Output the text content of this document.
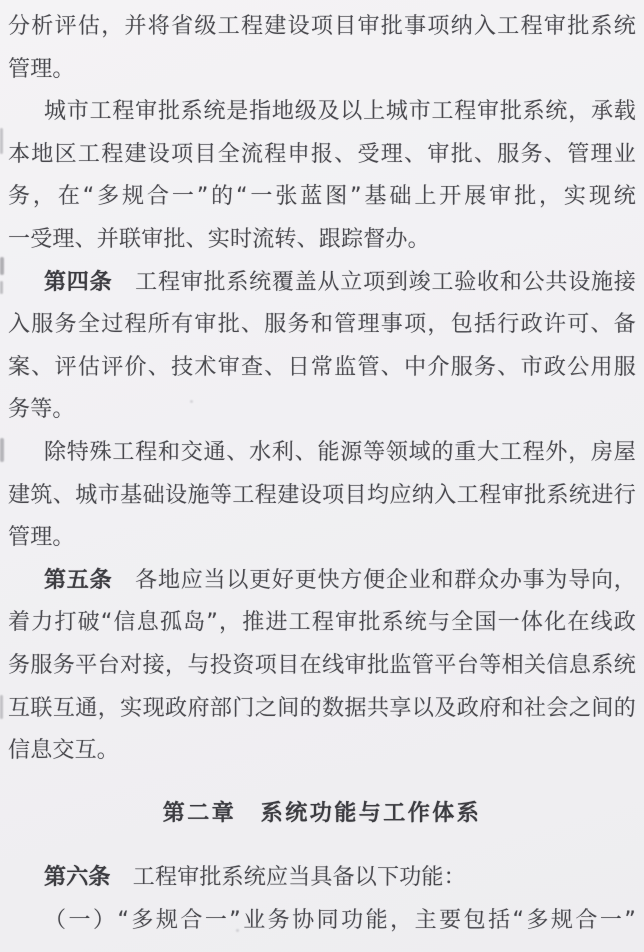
分析评估，并将省级工程建设项目审批事项纳入工程审批系统
管理。
城市工程审批系统是指地级及以上城市工程审批系统，承载
本地区工程建设项目全流程申报、受理、审批、服务、管理业
务，在“多规合一”的“一张蓝图”基础上开展审批，实现统
一受理、并联审批、实时流转、跟踪督办。
第四条　工程审批系统覆盖从立项到竣工验收和公共设施接
入服务全过程所有审批、服务和管理事项，包括行政许可、备
案、评估评价、技术审查、日常监管、中介服务、市政公用服
务等。
除特殊工程和交通、水利、能源等领域的重大工程外，房屋
建筑、城市基础设施等工程建设项目均应纳入工程审批系统进行
管理。
第五条　各地应当以更好更快方便企业和群众办事为导向，
着力打破“信息孤岛”，推进工程审批系统与全国一体化在线政
务服务平台对接，与投资项目在线审批监管平台等相关信息系统
互联互通，实现政府部门之间的数据共享以及政府和社会之间的
信息交互。
第二章　系统功能与工作体系
第六条　工程审批系统应当具备以下功能：
（一）“多规合一”业务协同功能，主要包括“多规合一”
